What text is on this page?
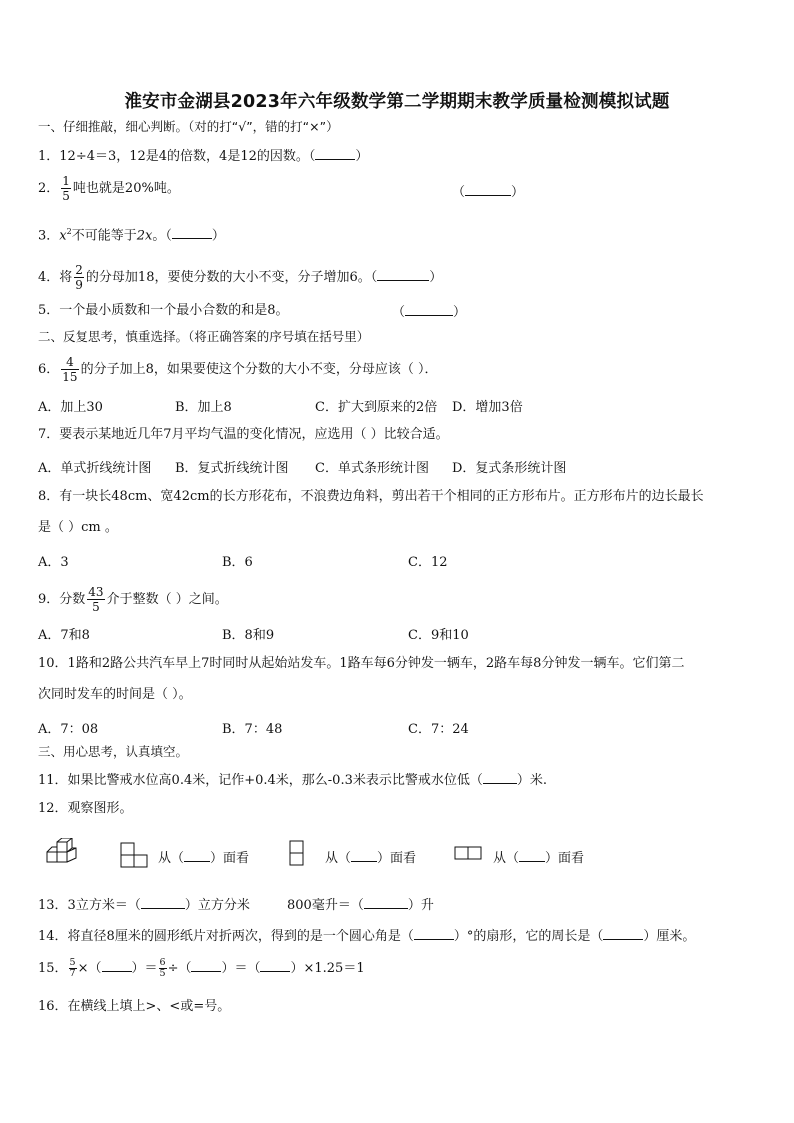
淮安市金湖县2023年六年级数学第二学期期末教学质量检测模拟试题
一、仔细推敲，细心判断。（对的打“√”，错的打“×”）
1．12÷4＝3，12是4的倍数，4是12的因数。（	）
2． $\frac{1}{5}$ 吨也就是20%吨。	（	）
3．$x^2$不可能等于2x。（	）
4．将 $\frac{2}{9}$ 的分母加18，要使分数的大小不变，分子增加6。（	）
5．一个最小质数和一个最小合数的和是8。	（	）
二、反复思考，慎重选择。（将正确答案的序号填在括号里）
6． $\frac{4}{15}$ 的分子加上8，如果要使这个分数的大小不变，分母应该（ ）．
A．加上30	B．加上8	C．扩大到原来的2倍 D．增加3倍
7．要表示某地近几年7月平均气温的变化情况，应选用（ ）比较合适。
A．单式折线统计图 B．复式折线统计图 C．单式条形统计图 D．复式条形统计图
8．有一块长48cm、宽42cm的长方形花布，不浪费边角料，剪出若干个相同的正方形布片。正方形布片的边长最长
是（ ）cm 。
A．3	B．6	C．12
9．分数 $\frac{43}{5}$ 介于整数（ ）之间。
A．7和8	B．8和9	C．9和10
10．1路和2路公共汽车早上7时同时从起始站发车。1路车每6分钟发一辆车，2路车每8分钟发一辆车。它们第二
次同时发车的时间是（ ）。
A．7：08	B．7：48	C．7：24
三、用心思考，认真填空。
11．如果比警戒水位高0.4米，记作+0.4米，那么-0.3米表示比警戒水位低（	）米.
12．观察图形。
从（ ）面看	从（ ）面看	从（ ）面看
13．3立方米＝（	）立方分米	800毫升＝（	）升
14．将直径8厘米的圆形纸片对折两次，得到的是一个圆心角是（	）°的扇形，它的周长是（	）厘米。
15． $\frac{5}{7}$ ×（ ）＝ $\frac{6}{5}$ ÷（ ）＝（ ）×1.25＝1
16．在横线上填上>、<或=号。
